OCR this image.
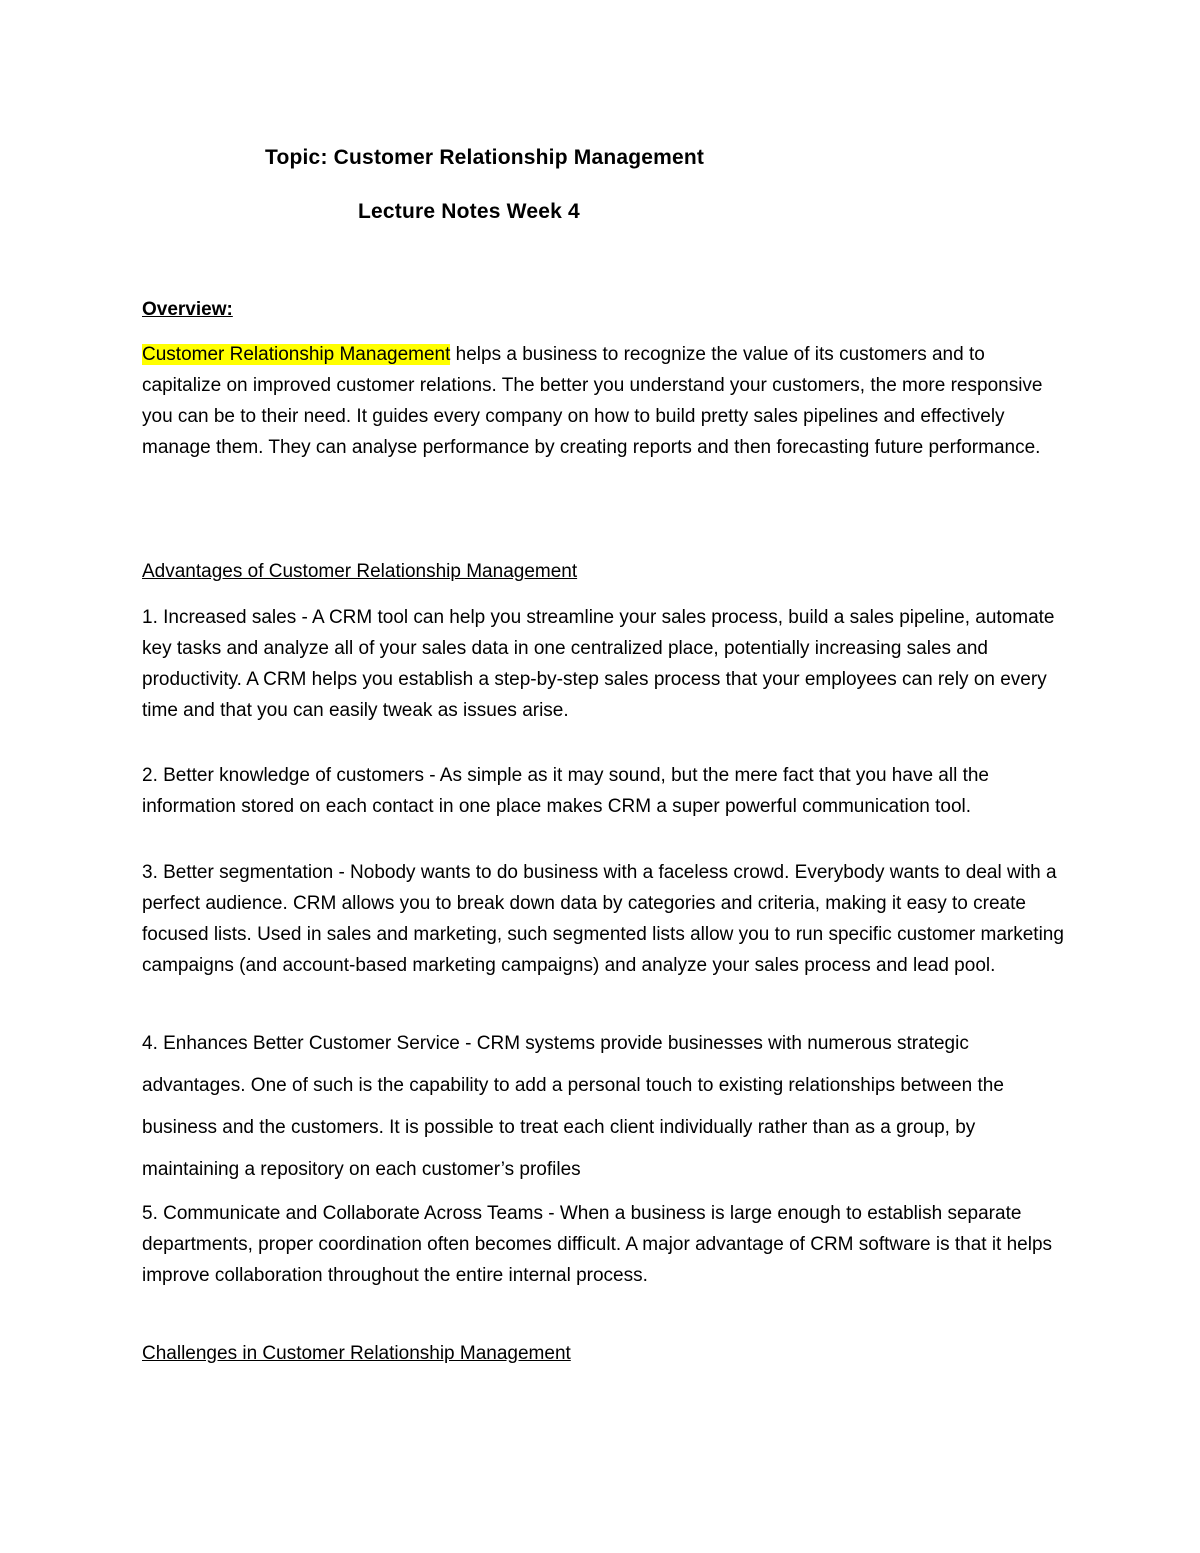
Topic: Customer Relationship Management
Lecture Notes Week 4
Overview:

Customer Relationship Management helps a business to recognize the value of its customers and to capitalize on improved customer relations. The better you understand your customers, the more responsive you can be to their need. It guides every company on how to build pretty sales pipelines and effectively manage them. They can analyse performance by creating reports and then forecasting future performance.

Advantages of Customer Relationship Management

1. Increased sales - A CRM tool can help you streamline your sales process, build a sales pipeline, automate key tasks and analyze all of your sales data in one centralized place, potentially increasing sales and productivity. A CRM helps you establish a step-by-step sales process that your employees can rely on every time and that you can easily tweak as issues arise.

2. Better knowledge of customers - As simple as it may sound, but the mere fact that you have all the information stored on each contact in one place makes CRM a super powerful communication tool.

3. Better segmentation - Nobody wants to do business with a faceless crowd. Everybody wants to deal with a perfect audience. CRM allows you to break down data by categories and criteria, making it easy to create focused lists. Used in sales and marketing, such segmented lists allow you to run specific customer marketing campaigns (and account-based marketing campaigns) and analyze your sales process and lead pool.

4. Enhances Better Customer Service - CRM systems provide businesses with numerous strategic advantages. One of such is the capability to add a personal touch to existing relationships between the business and the customers. It is possible to treat each client individually rather than as a group, by maintaining a repository on each customer’s profiles

5. Communicate and Collaborate Across Teams - When a business is large enough to establish separate departments, proper coordination often becomes difficult. A major advantage of CRM software is that it helps improve collaboration throughout the entire internal process.

Challenges in Customer Relationship Management
